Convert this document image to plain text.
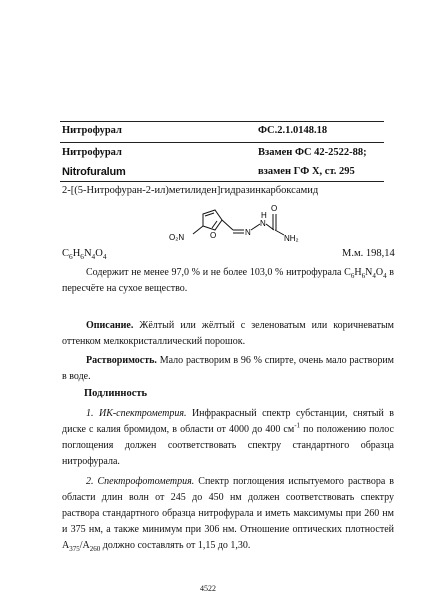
Нитрофурал	ФС.2.1.0148.18
Нитрофурал	Взамен ФС 42-2522-88;
Nitrofuralum	взамен ГФ X, ст. 295
2-[(5-Нитрофуран-2-ил)метилиден]гидразинкарбоксамид
O₂N	O	N
N
H
O
NH₂
$C_6H_6N_4O_4$	М.м. 198,14

Содержит не менее 97,0 % и не более 103,0 % нитрофурала $C_6H_6N_4O_4$ в пересчёте на сухое вещество.

Описание. Жёлтый или жёлтый с зеленоватым или коричневатым оттенком мелкокристаллический порошок.

Растворимость. Мало растворим в 96 % спирте, очень мало растворим в воде.

Подлинность

1. ИК-спектрометрия. Инфракрасный спектр субстанции, снятый в диске с калия бромидом, в области от 4000 до 400 $см^{-1}$ по положению полос поглощения должен соответствовать спектру стандартного образца нитрофурала.

2. Спектрофотометрия. Спектр поглощения испытуемого раствора в области длин волн от 245 до 450 нм должен соответствовать спектру раствора стандартного образца нитрофурала и иметь максимумы при 260 нм и 375 нм, а также минимум при 306 нм. Отношение оптических плотностей $A_{375}/A_{260}$ должно составлять от 1,15 до 1,30.

4522
